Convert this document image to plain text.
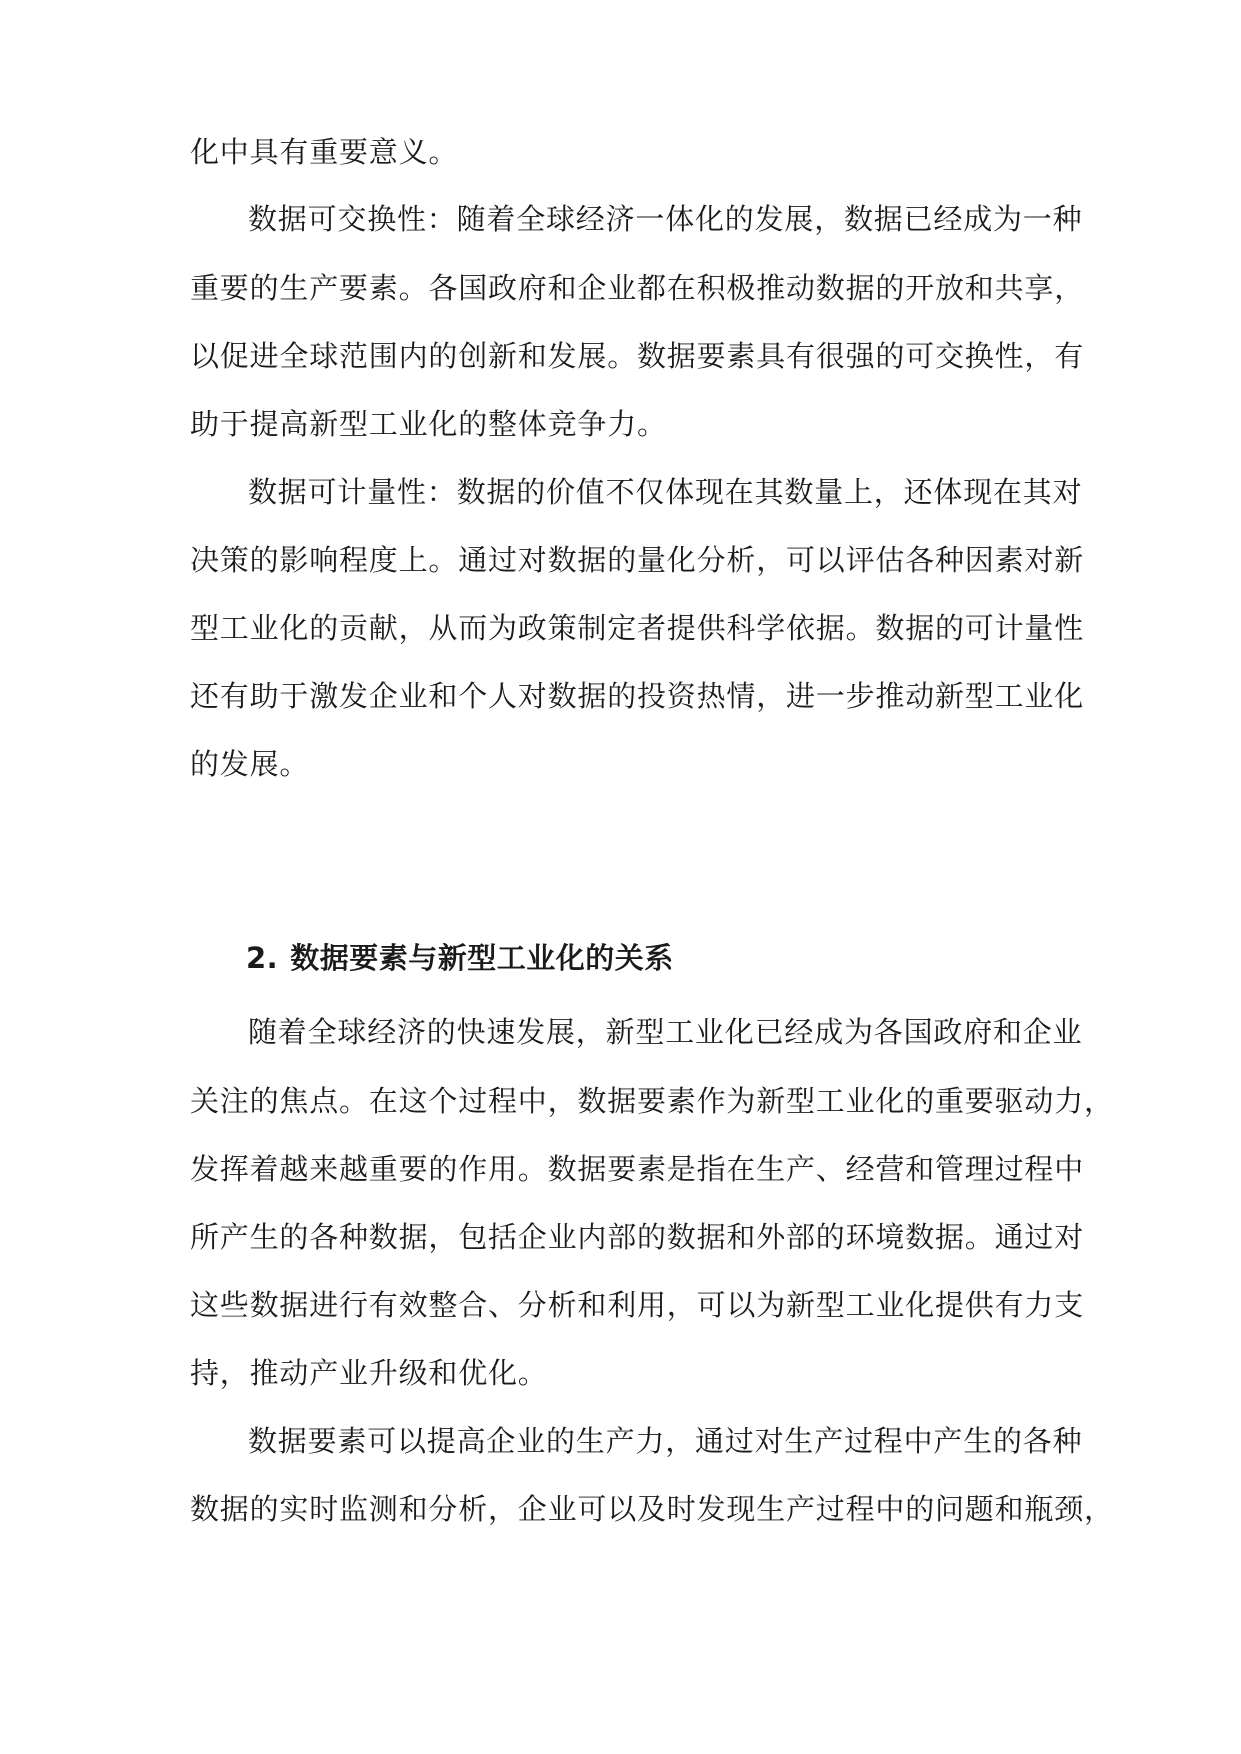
化中具有重要意义。
数据可交换性：随着全球经济一体化的发展，数据已经成为一种
重要的生产要素。各国政府和企业都在积极推动数据的开放和共享，
以促进全球范围内的创新和发展。数据要素具有很强的可交换性，有
助于提高新型工业化的整体竞争力。
数据可计量性：数据的价值不仅体现在其数量上，还体现在其对
决策的影响程度上。通过对数据的量化分析，可以评估各种因素对新
型工业化的贡献，从而为政策制定者提供科学依据。数据的可计量性
还有助于激发企业和个人对数据的投资热情，进一步推动新型工业化
的发展。
2. 数据要素与新型工业化的关系
随着全球经济的快速发展，新型工业化已经成为各国政府和企业
关注的焦点。在这个过程中，数据要素作为新型工业化的重要驱动力，
发挥着越来越重要的作用。数据要素是指在生产、经营和管理过程中
所产生的各种数据，包括企业内部的数据和外部的环境数据。通过对
这些数据进行有效整合、分析和利用，可以为新型工业化提供有力支
持，推动产业升级和优化。
数据要素可以提高企业的生产力，通过对生产过程中产生的各种
数据的实时监测和分析，企业可以及时发现生产过程中的问题和瓶颈，
